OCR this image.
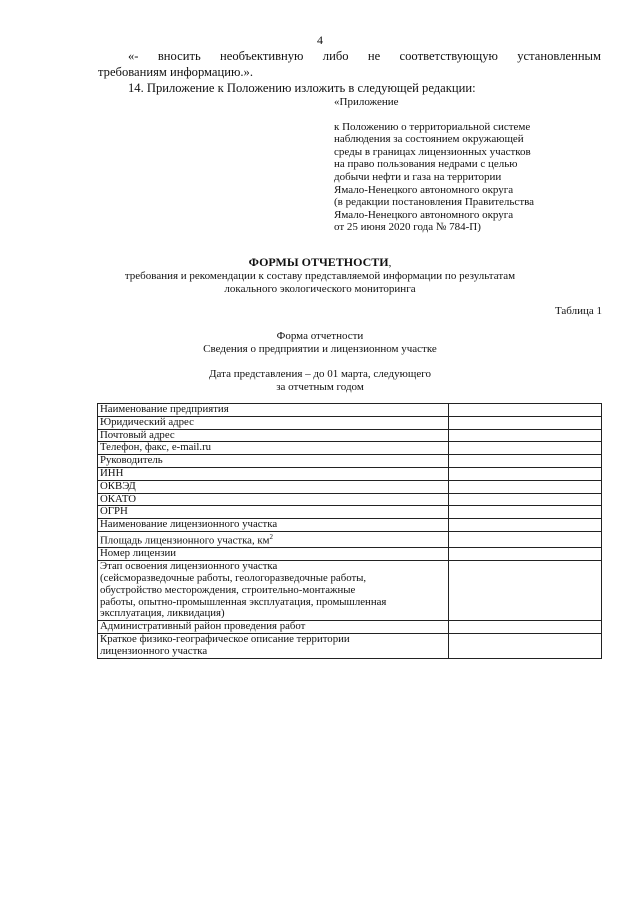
4
«- вносить необъективную либо не соответствующую установленным
требованиям информацию.».
14. Приложение к Положению изложить в следующей редакции:
«Приложение
к Положению о территориальной системе
наблюдения за состоянием окружающей
среды в границах лицензионных участков
на право пользования недрами с целью
добычи нефти и газа на территории
Ямало-Ненецкого автономного округа
(в редакции постановления Правительства
Ямало-Ненецкого автономного округа
от 25 июня 2020 года № 784-П)
ФОРМЫ ОТЧЕТНОСТИ,
требования и рекомендации к составу представляемой информации по результатам
локального экологического мониторинга
Таблица 1
Форма отчетности
Сведения о предприятии и лицензионном участке
Дата представления – до 01 марта, следующего
за отчетным годом
Наименование предприятия	

Юридический адрес	

Почтовый адрес	

Телефон, факс, e-mail.ru	

Руководитель	

ИНН	

ОКВЭД	

ОКАТО	

ОГРН	

Наименование лицензионного участка	

Площадь лицензионного участка, $км^2$

Номер лицензии	

Этап освоения лицензионного участка
(сейсморазведочные работы, геологоразведочные работы,
обустройство месторождения, строительно-монтажные
работы, опытно-промышленная эксплуатация, промышленная
эксплуатация, ликвидация)	

Административный район проведения работ	

Краткое физико-географическое описание территории
лицензионного участка	
